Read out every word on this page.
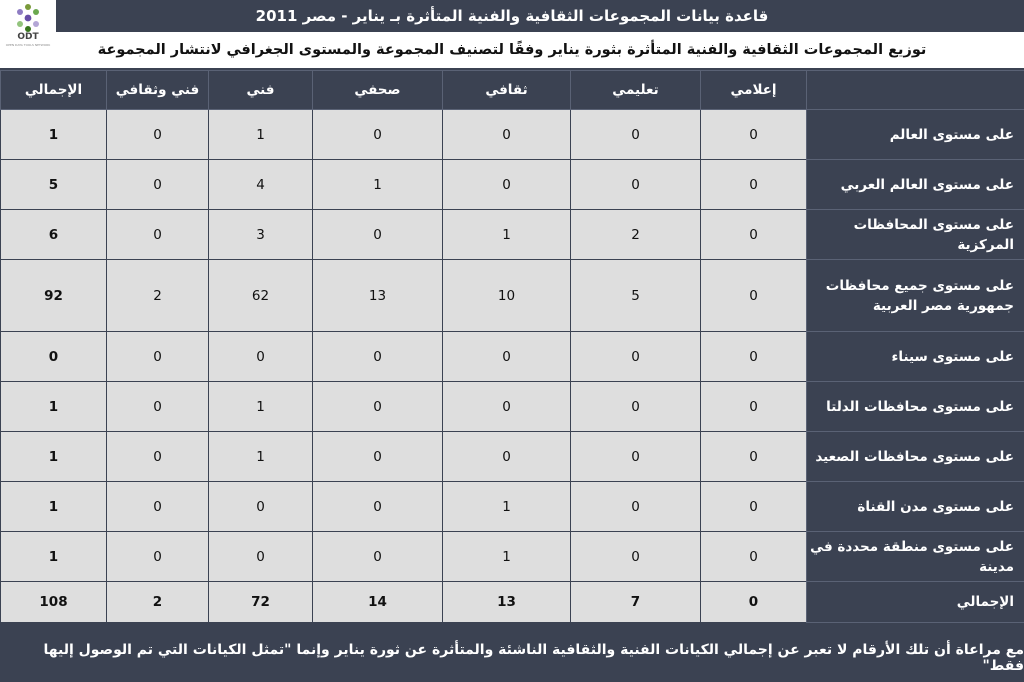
ODT
OPEN DATA TOOLS NETWORK
قاعدة بيانات المجموعات الثقافية والفنية المتأثرة بـ يناير - مصر 2011
توزيع المجموعات الثقافية والفنية المتأثرة بثورة يناير وفقًا لتصنيف المجموعة والمستوى الجغرافي لانتشار المجموعة
	إعلامي	تعليمي	ثقافي	صحفي	فني	فني وثقافي	الإجمالي
على مستوى العالم	0	0	0	0	1	0	1
على مستوى العالم العربي	0	0	0	1	4	0	5
على مستوى المحافظات المركزية	0	2	1	0	3	0	6
على مستوى جميع محافظات جمهورية مصر العربية	0	5	10	13	62	2	92
على مستوى سيناء	0	0	0	0	0	0	0
على مستوى محافظات الدلتا	0	0	0	0	1	0	1
على مستوى محافظات الصعيد	0	0	0	0	1	0	1
على مستوى مدن القناة	0	0	1	0	0	0	1
على مستوى منطقة محددة في مدينة	0	0	1	0	0	0	1
الإجمالي	0	7	13	14	72	2	108
مع مراعاة أن تلك الأرقام لا تعبر عن إجمالي الكيانات الفنية والثقافية الناشئة والمتأثرة عن ثورة يناير وإنما "تمثل الكيانات التي تم الوصول إليها فقط"
